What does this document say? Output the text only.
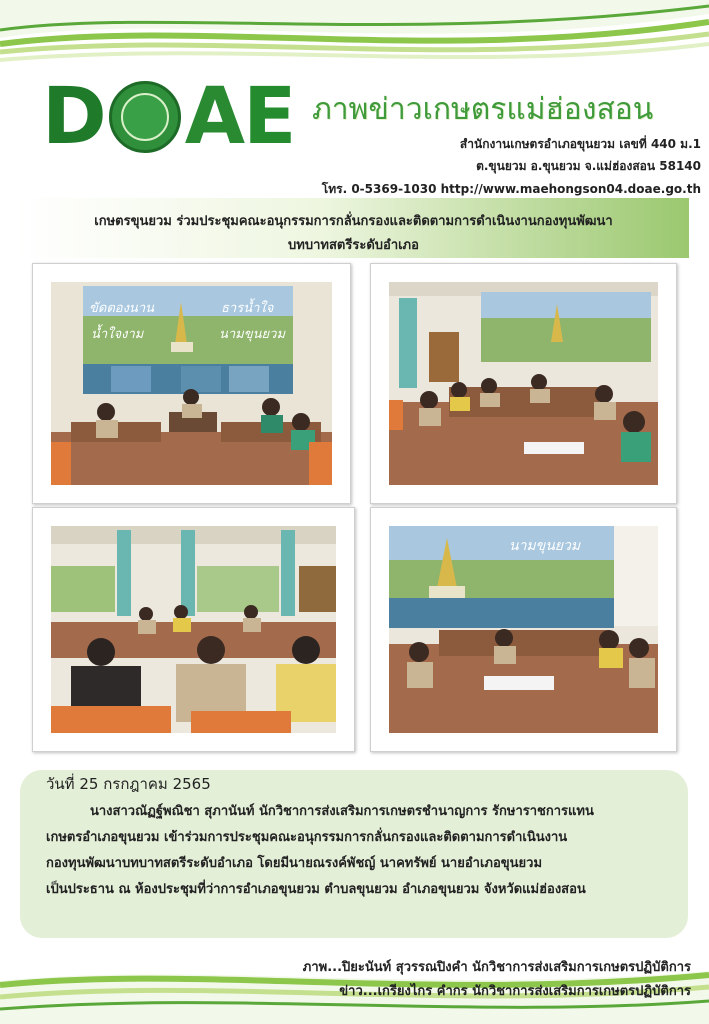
D A E ภาพข่าวเกษตรแม่ฮ่องสอน
สำนักงานเกษตรอำเภอขุนยวม เลขที่ 440 ม.1
ต.ขุนยวม อ.ขุนยวม จ.แม่ฮ่องสอน 58140
โทร. 0-5369-1030 http://www.maehongson04.doae.go.th
เกษตรขุนยวม ร่วมประชุมคณะอนุกรรมการกลั่นกรองและติดตามการดำเนินงานกองทุนพัฒนา
บทบาทสตรีระดับอำเภอ
ขัดตองนาน
น้ำใจงาม
ธารน้ำใจ
นามขุนยวม
นามขุนยวม
วันที่ 25 กรกฎาคม 2565
นางสาวณัฏฐ์พณิชา สุภานันท์ นักวิชาการส่งเสริมการเกษตรชำนาญการ รักษาราชการแทน
เกษตรอำเภอขุนยวม เข้าร่วมการประชุมคณะอนุกรรมการกลั่นกรองและติดตามการดำเนินงาน
กองทุนพัฒนาบทบาทสตรีระดับอำเภอ โดยมีนายณรงค์พัชญ์ นาคทรัพย์ นายอำเภอขุนยวม
เป็นประธาน ณ ห้องประชุมที่ว่าการอำเภอขุนยวม ตำบลขุนยวม อำเภอขุนยวม จังหวัดแม่ฮ่องสอน
ภาพ...ปิยะนันท์ สุวรรณปิงคำ นักวิชาการส่งเสริมการเกษตรปฏิบัติการ
ข่าว...เกรียงไกร คำกร นักวิชาการส่งเสริมการเกษตรปฏิบัติการ
